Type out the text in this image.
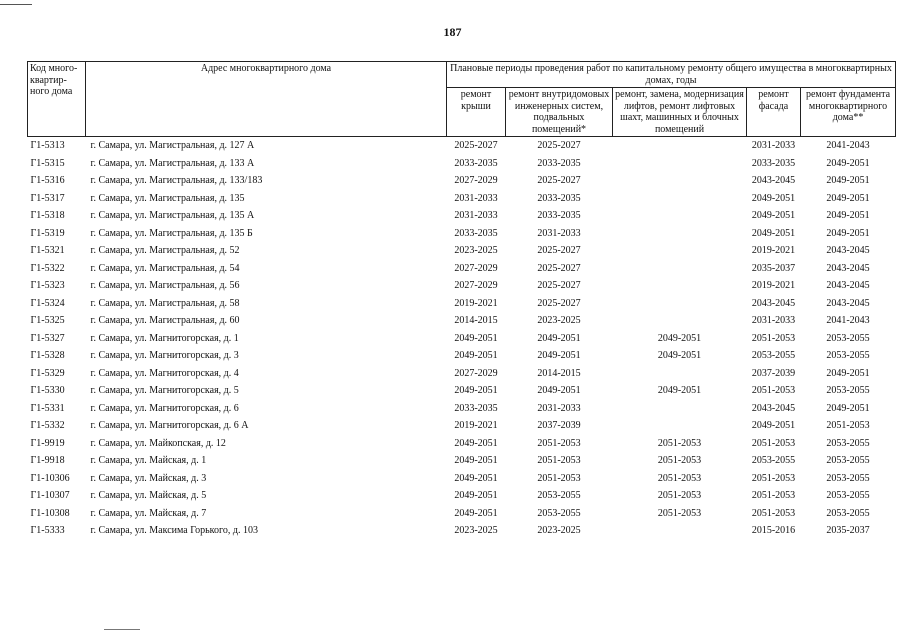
187
Код много-квартир-ного дома	Адрес многоквартирного дома	Плановые периоды проведения работ по капитальному ремонту общего имущества в многоквартирных домах, годы				
		ремонт крыши	ремонт внутридомовых инженерных систем, подвальных помещений*	ремонт, замена, модернизация лифтов, ремонт лифтовых шахт, машинных и блочных помещений	ремонт фасада	ремонт фундамента многоквартирного дома**
Г1-5313	г. Самара, ул. Магистральная, д. 127 А	2025-2027	2025-2027		2031-2033	2041-2043
Г1-5315	г. Самара, ул. Магистральная, д. 133 А	2033-2035	2033-2035		2033-2035	2049-2051
Г1-5316	г. Самара, ул. Магистральная, д. 133/183	2027-2029	2025-2027		2043-2045	2049-2051
Г1-5317	г. Самара, ул. Магистральная, д. 135	2031-2033	2033-2035		2049-2051	2049-2051
Г1-5318	г. Самара, ул. Магистральная, д. 135 А	2031-2033	2033-2035		2049-2051	2049-2051
Г1-5319	г. Самара, ул. Магистральная, д. 135 Б	2033-2035	2031-2033		2049-2051	2049-2051
Г1-5321	г. Самара, ул. Магистральная, д. 52	2023-2025	2025-2027		2019-2021	2043-2045
Г1-5322	г. Самара, ул. Магистральная, д. 54	2027-2029	2025-2027		2035-2037	2043-2045
Г1-5323	г. Самара, ул. Магистральная, д. 56	2027-2029	2025-2027		2019-2021	2043-2045
Г1-5324	г. Самара, ул. Магистральная, д. 58	2019-2021	2025-2027		2043-2045	2043-2045
Г1-5325	г. Самара, ул. Магистральная, д. 60	2014-2015	2023-2025		2031-2033	2041-2043
Г1-5327	г. Самара, ул. Магнитогорская, д. 1	2049-2051	2049-2051	2049-2051	2051-2053	2053-2055
Г1-5328	г. Самара, ул. Магнитогорская, д. 3	2049-2051	2049-2051	2049-2051	2053-2055	2053-2055
Г1-5329	г. Самара, ул. Магнитогорская, д. 4	2027-2029	2014-2015		2037-2039	2049-2051
Г1-5330	г. Самара, ул. Магнитогорская, д. 5	2049-2051	2049-2051	2049-2051	2051-2053	2053-2055
Г1-5331	г. Самара, ул. Магнитогорская, д. 6	2033-2035	2031-2033		2043-2045	2049-2051
Г1-5332	г. Самара, ул. Магнитогорская, д. 6 А	2019-2021	2037-2039		2049-2051	2051-2053
Г1-9919	г. Самара, ул. Майкопская, д. 12	2049-2051	2051-2053	2051-2053	2051-2053	2053-2055
Г1-9918	г. Самара, ул. Майская, д. 1	2049-2051	2051-2053	2051-2053	2053-2055	2053-2055
Г1-10306	г. Самара, ул. Майская, д. 3	2049-2051	2051-2053	2051-2053	2051-2053	2053-2055
Г1-10307	г. Самара, ул. Майская, д. 5	2049-2051	2053-2055	2051-2053	2051-2053	2053-2055
Г1-10308	г. Самара, ул. Майская, д. 7	2049-2051	2053-2055	2051-2053	2051-2053	2053-2055
Г1-5333	г. Самара, ул. Максима Горького, д. 103	2023-2025	2023-2025		2015-2016	2035-2037
